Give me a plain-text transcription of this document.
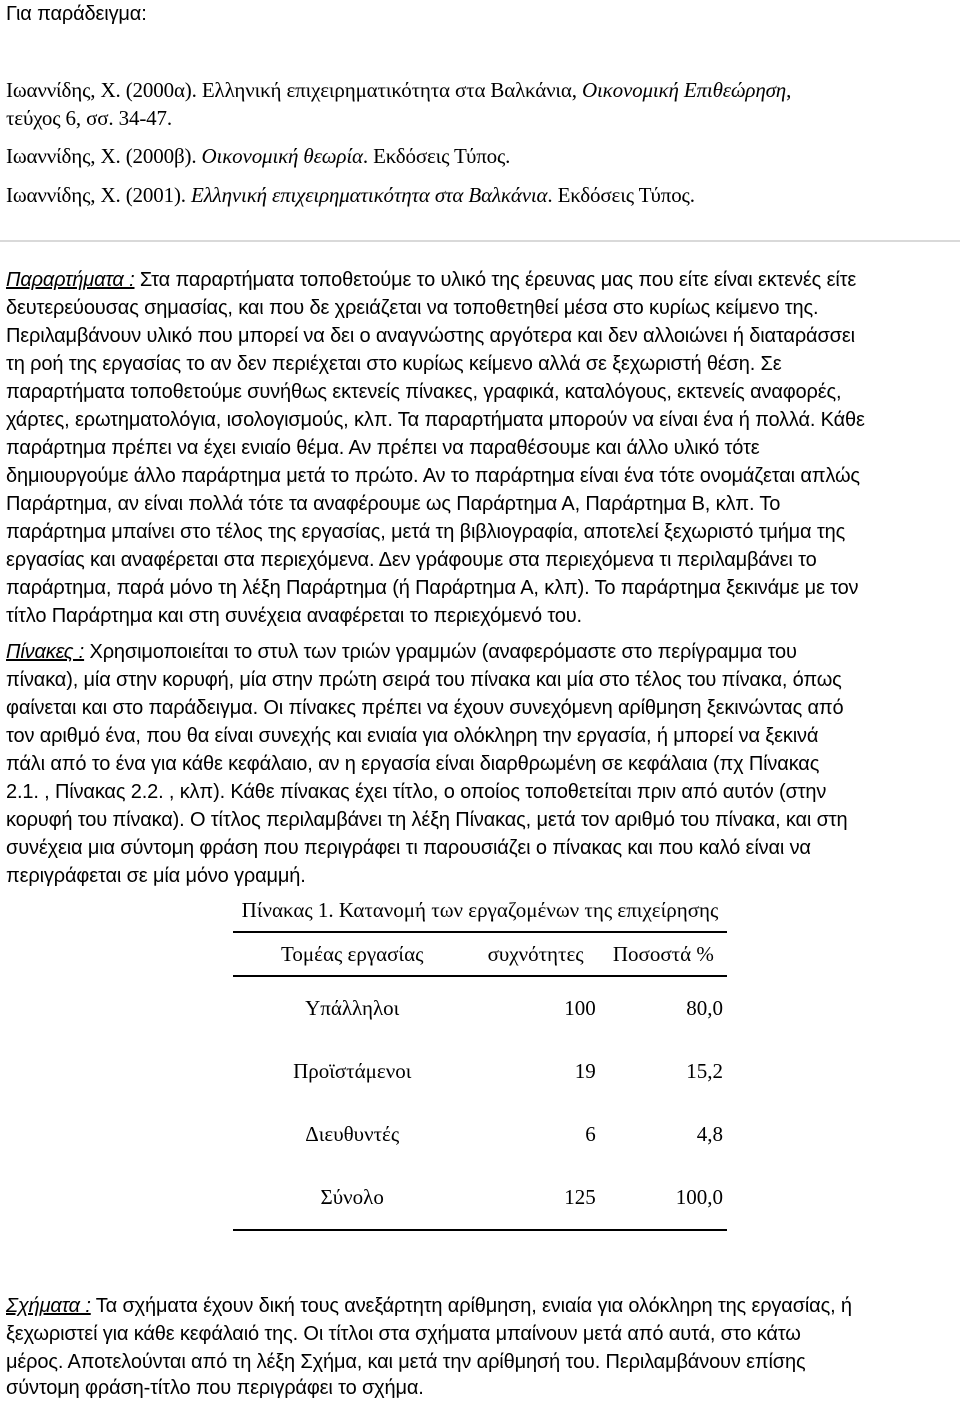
Για παράδειγμα:
Ιωαννίδης, Χ. (2000α). Ελληνική επιχειρηματικότητα στα Βαλκάνια, Οικονομική Επιθεώρηση,
τεύχος 6, σσ. 34-47.
Ιωαννίδης, Χ. (2000β). Οικονομική θεωρία. Εκδόσεις Τύπος.
Ιωαννίδης, Χ. (2001). Ελληνική επιχειρηματικότητα στα Βαλκάνια. Εκδόσεις Τύπος.
Παραρτήματα : Στα παραρτήματα τοποθετούμε το υλικό της έρευνας μας που είτε είναι εκτενές είτε
δευτερεύουσας σημασίας, και που δε χρειάζεται να τοποθετηθεί μέσα στο κυρίως κείμενο της.
Περιλαμβάνουν υλικό που μπορεί να δει ο αναγνώστης αργότερα και δεν αλλοιώνει ή διαταράσσει
τη ροή της εργασίας το αν δεν περιέχεται στο κυρίως κείμενο αλλά σε ξεχωριστή θέση. Σε
παραρτήματα τοποθετούμε συνήθως εκτενείς πίνακες, γραφικά, καταλόγους, εκτενείς αναφορές,
χάρτες, ερωτηματολόγια, ισολογισμούς, κλπ. Τα παραρτήματα μπορούν να είναι ένα ή πολλά. Κάθε
παράρτημα πρέπει να έχει ενιαίο θέμα. Αν πρέπει να παραθέσουμε και άλλο υλικό τότε
δημιουργούμε άλλο παράρτημα μετά το πρώτο. Αν το παράρτημα είναι ένα τότε ονομάζεται απλώς
Παράρτημα, αν είναι πολλά τότε τα αναφέρουμε ως Παράρτημα Α, Παράρτημα Β, κλπ. Το
παράρτημα μπαίνει στο τέλος της εργασίας, μετά τη βιβλιογραφία, αποτελεί ξεχωριστό τμήμα της
εργασίας και αναφέρεται στα περιεχόμενα. Δεν γράφουμε στα περιεχόμενα τι περιλαμβάνει το
παράρτημα, παρά μόνο τη λέξη Παράρτημα (ή Παράρτημα Α, κλπ). Το παράρτημα ξεκινάμε με τον
τίτλο Παράρτημα και στη συνέχεια αναφέρεται το περιεχόμενό του.
Πίνακες : Χρησιμοποιείται το στυλ των τριών γραμμών (αναφερόμαστε στο περίγραμμα του
πίνακα), μία στην κορυφή, μία στην πρώτη σειρά του πίνακα και μία στο τέλος του πίνακα, όπως
φαίνεται και στο παράδειγμα. Οι πίνακες πρέπει να έχουν συνεχόμενη αρίθμηση ξεκινώντας από
τον αριθμό ένα, που θα είναι συνεχής και ενιαία για ολόκληρη την εργασία, ή μπορεί να ξεκινά
πάλι από το ένα για κάθε κεφάλαιο, αν η εργασία είναι διαρθρωμένη σε κεφάλαια (πχ Πίνακας
2.1. , Πίνακας 2.2. , κλπ). Κάθε πίνακας έχει τίτλο, ο οποίος τοποθετείται πριν από αυτόν (στην
κορυφή του πίνακα). Ο τίτλος περιλαμβάνει τη λέξη Πίνακας, μετά τον αριθμό του πίνακα, και στη
συνέχεια μια σύντομη φράση που περιγράφει τι παρουσιάζει ο πίνακας και που καλό είναι να
περιγράφεται σε μία μόνο γραμμή.
Πίνακας 1. Κατανομή των εργαζομένων της επιχείρησης
Τομέας εργασίας	συχνότητες	Ποσοστά %
Υπάλληλοι	100	80,0
Προϊστάμενοι	19	15,2
Διευθυντές	6	4,8
Σύνολο	125	100,0
Σχήματα : Τα σχήματα έχουν δική τους ανεξάρτητη αρίθμηση, ενιαία για ολόκληρη της εργασίας, ή
ξεχωριστεί για κάθε κεφάλαιό της. Οι τίτλοι στα σχήματα μπαίνουν μετά από αυτά, στο κάτω
μέρος. Αποτελούνται από τη λέξη Σχήμα, και μετά την αρίθμησή του. Περιλαμβάνουν επίσης
σύντομη φράση-τίτλο που περιγράφει το σχήμα.
